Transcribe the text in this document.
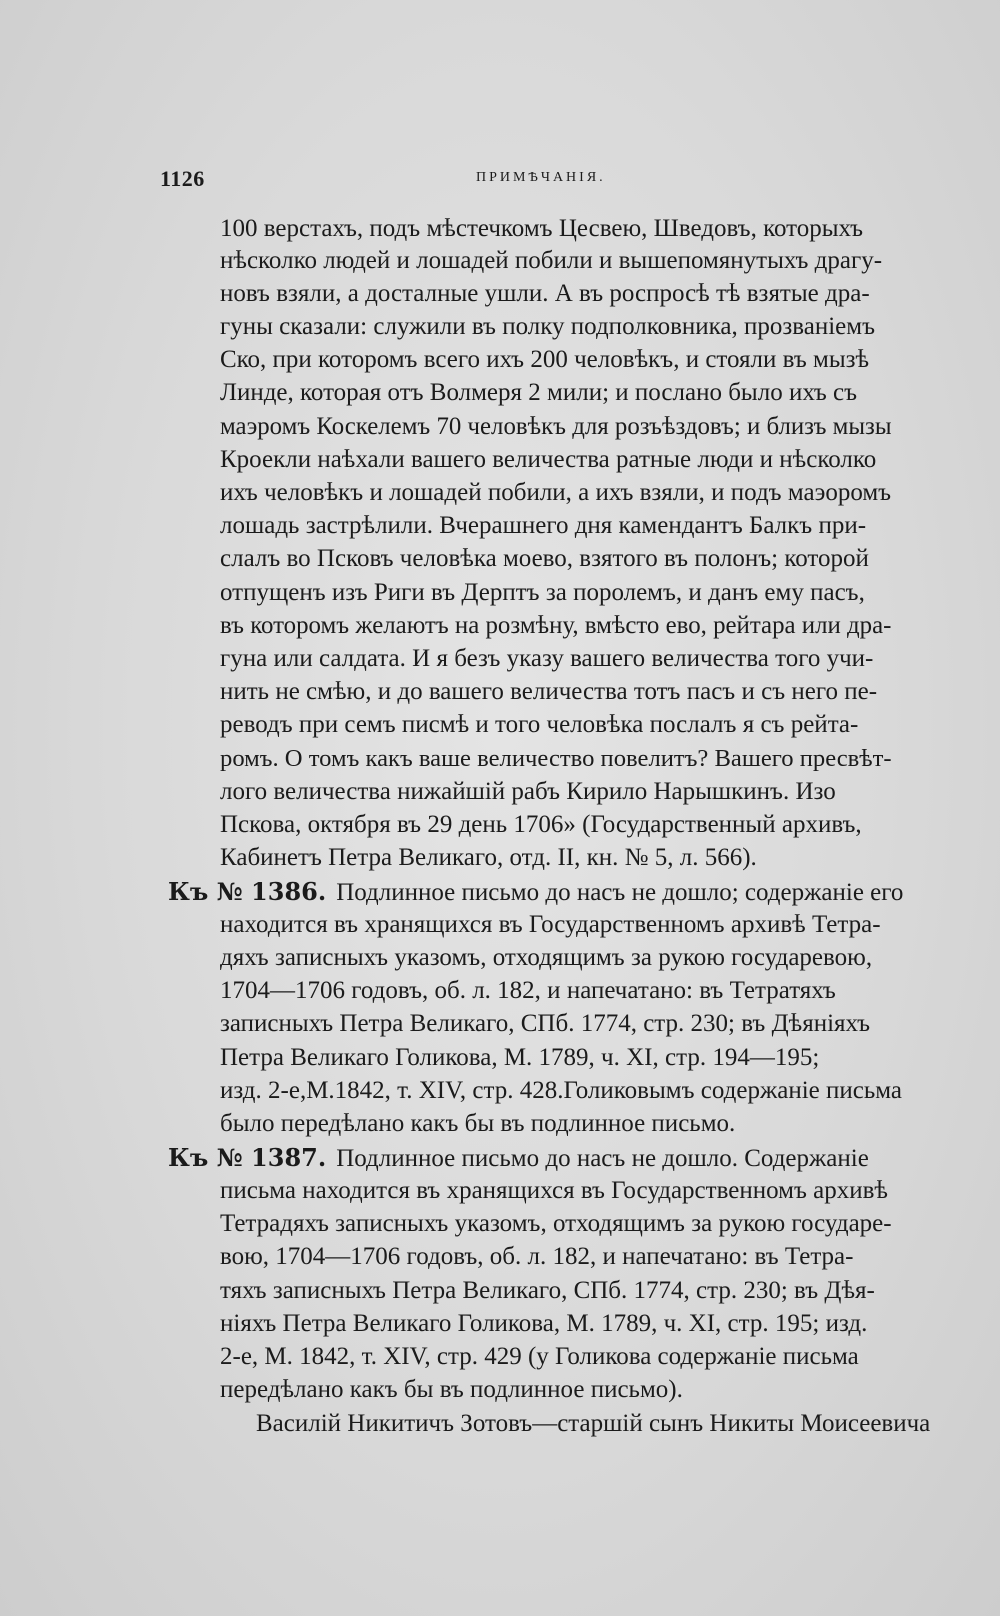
1126	ПРИМѢЧАНIЯ.
100 верстахъ, подъ мѣстечкомъ Цесвею, Шведовъ, которыхъ
нѣсколко людей и лошадей побили и вышепомянутыхъ драгу-
новъ взяли, а досталные ушли. А въ роспросѣ тѣ взятые дра-
гуны сказали: служили въ полку подполковника, прозванiемъ
Ско, при которомъ всего ихъ 200 человѣкъ, и стояли въ мызѣ
Линде, которая отъ Волмеря 2 мили; и послано было ихъ съ
маэромъ Коскелемъ 70 человѣкъ для розъѣздовъ; и близъ мызы
Кроекли наѣхали вашего величества ратные люди и нѣсколко
ихъ человѣкъ и лошадей побили, а ихъ взяли, и подъ маэоромъ
лошадь застрѣлили. Вчерашнего дня камендантъ Балкъ при-
слалъ во Псковъ человѣка моево, взятого въ полонъ; которой
отпущенъ изъ Риги въ Дерптъ за поролемъ, и данъ ему пасъ,
въ которомъ желаютъ на розмѣну, вмѣсто ево, рейтара или дра-
гуна или салдата. И я безъ указу вашего величества того учи-
нить не смѣю, и до вашего величества тотъ пасъ и съ него пе-
реводъ при семъ писмѣ и того человѣка послалъ я съ рейта-
ромъ. О томъ какъ ваше величество повелитъ? Вашего пресвѣт-
лого величества нижайшiй рабъ Кирило Нарышкинъ. Изо
Пскова, октября въ 29 день 1706» (Государственный архивъ,
Кабинетъ Петра Великаго, отд. II, кн. № 5, л. 566).
Къ № 1386. Подлинное письмо до насъ не дошло; содержанiе его
находится въ хранящихся въ Государственномъ архивѣ Тетра-
дяхъ записныхъ указомъ, отходящимъ за рукою государевою,
1704—1706 годовъ, об. л. 182, и напечатано: въ Тетратяхъ
записныхъ Петра Великаго, СПб. 1774, стр. 230; въ Дѣянiяхъ
Петра Великаго Голикова, М. 1789, ч. XI, стр. 194—195;
изд. 2-е,М.1842, т. XIV, стр. 428.Голиковымъ содержанiе письма
было передѣлано какъ бы въ подлинное письмо.
Къ № 1387. Подлинное письмо до насъ не дошло. Содержанiе
письма находится въ хранящихся въ Государственномъ архивѣ
Тетрадяхъ записныхъ указомъ, отходящимъ за рукою государе-
вою, 1704—1706 годовъ, об. л. 182, и напечатано: въ Тетра-
тяхъ записныхъ Петра Великаго, СПб. 1774, стр. 230; въ Дѣя-
нiяхъ Петра Великаго Голикова, М. 1789, ч. XI, стр. 195; изд.
2-е, М. 1842, т. XIV, стр. 429 (у Голикова содержанiе письма
передѣлано какъ бы въ подлинное письмо).
Василiй Никитичъ Зотовъ—старшiй сынъ Никиты Моисеевича
